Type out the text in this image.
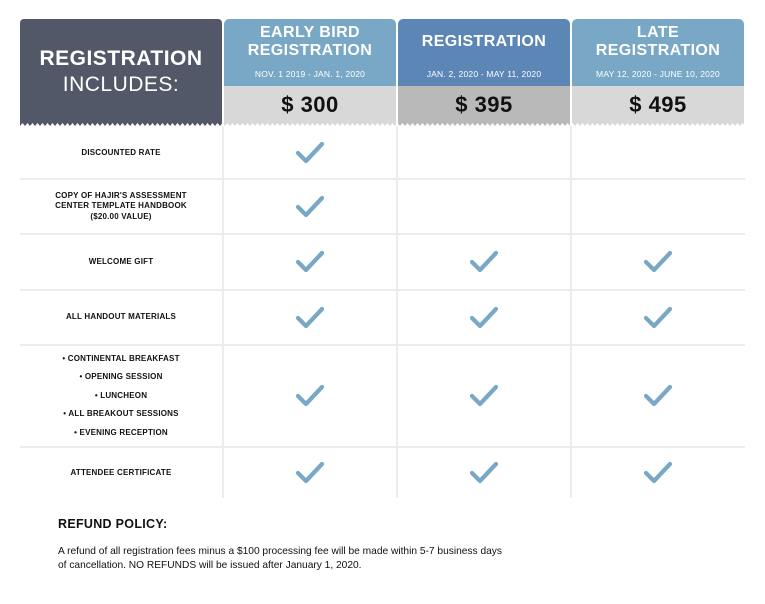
REGISTRATION
INCLUDES:
EARLY BIRD
REGISTRATION
NOV. 1 2019 - JAN. 1, 2020
$ 300
REGISTRATION
JAN. 2, 2020 - MAY 11, 2020
$ 395
LATE
REGISTRATION
MAY 12, 2020 - JUNE 10, 2020
$ 495
DISCOUNTED RATE
COPY OF HAJIR'S ASSESSMENT
CENTER TEMPLATE HANDBOOK
($20.00 VALUE)
WELCOME GIFT
ALL HANDOUT MATERIALS
• CONTINENTAL BREAKFAST
• OPENING SESSION
• LUNCHEON
• ALL BREAKOUT SESSIONS
• EVENING RECEPTION
ATTENDEE CERTIFICATE
REFUND POLICY:
A refund of all registration fees minus a $100 processing fee will be made within 5-7 business days
of cancellation. NO REFUNDS will be issued after January 1, 2020.
